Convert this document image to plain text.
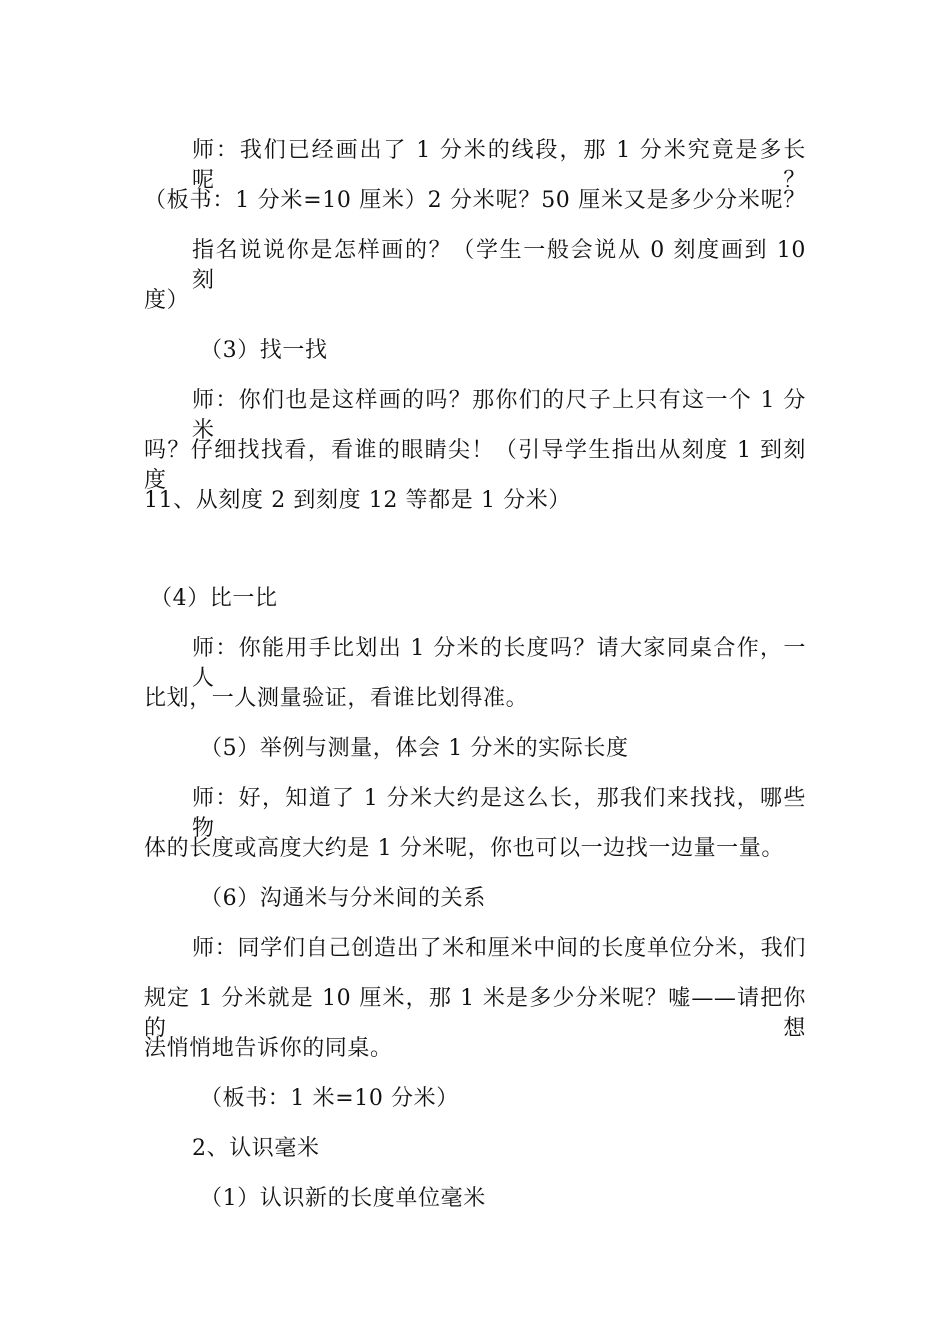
师：我们已经画出了 1 分米的线段，那 1 分米究竟是多长呢？
（板书：1 分米=10 厘米）2 分米呢？50 厘米又是多少分米呢？
指名说说你是怎样画的？（学生一般会说从 0 刻度画到 10 刻
度）
（3）找一找
师：你们也是这样画的吗？那你们的尺子上只有这一个 1 分米
吗？仔细找找看，看谁的眼睛尖！（引导学生指出从刻度 1 到刻度
11、从刻度 2 到刻度 12 等都是 1 分米）
（4）比一比
师：你能用手比划出 1 分米的长度吗？请大家同桌合作，一人
比划，一人测量验证，看谁比划得准。
（5）举例与测量，体会 1 分米的实际长度
师：好，知道了 1 分米大约是这么长，那我们来找找，哪些物
体的长度或高度大约是 1 分米呢，你也可以一边找一边量一量。
（6）沟通米与分米间的关系
师：同学们自己创造出了米和厘米中间的长度单位分米，我们
规定 1 分米就是 10 厘米，那 1 米是多少分米呢？嘘——请把你的想
法悄悄地告诉你的同桌。
（板书：1 米=10 分米）
2、认识毫米
（1）认识新的长度单位毫米
